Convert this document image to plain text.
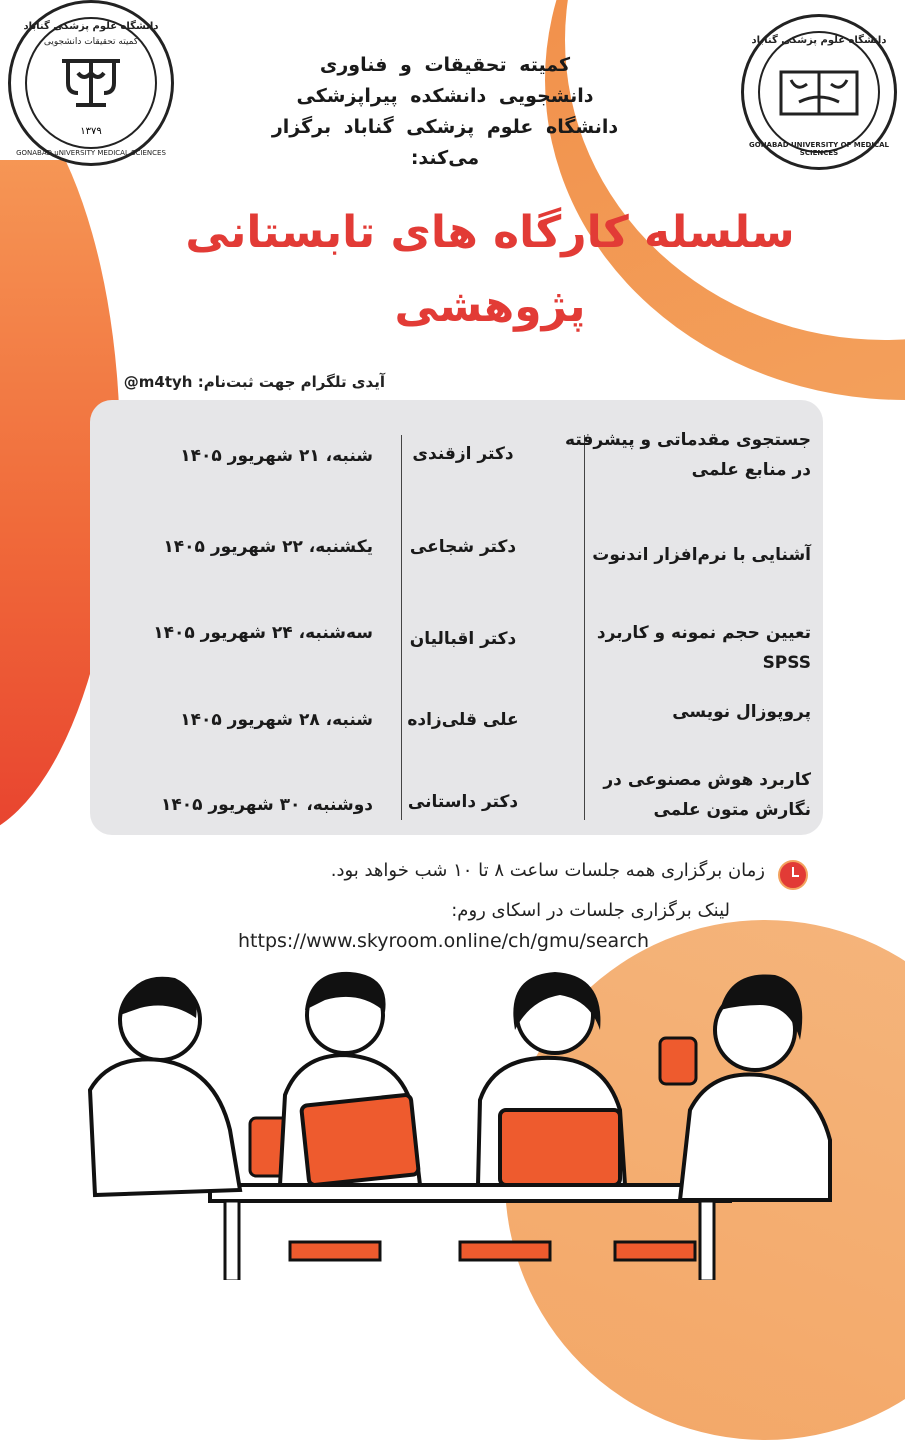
دانشگاه علوم پزشکی گناباد
کمیته تحقیقات دانشجویی
۱۳۷۹
GONABAD uNIVERSITY MEDICAL SCIENCES
دانشگاه علوم پزشکی گناباد
GONABAD UNIVERSITY OF MEDICAL SCIENCES
کمیته تحقیقات و فناوری
دانشجویی دانشکده پیراپزشکی
دانشگاه علوم پزشکی گناباد برگزار
می‌کند:
سلسله کارگاه های تابستانی
پژوهشی
آیدی تلگرام جهت ثبت‌نام: m4tyh@
جستجوی مقدماتی و پیشرفته در منابع علمی
دکتر ازقندی
شنبه، ۲۱ شهریور ۱۴۰۵
آشنایی با نرم‌افزار اندنوت
دکتر شجاعی
یکشنبه، ۲۲ شهریور ۱۴۰۵
تعیین حجم نمونه و کاربرد SPSS
دکتر اقبالیان
سه‌شنبه، ۲۴ شهریور ۱۴۰۵
پروپوزال نویسی
علی قلی‌زاده
شنبه، ۲۸ شهریور ۱۴۰۵
کاربرد هوش مصنوعی در نگارش متون علمی
دکتر داستانی
دوشنبه، ۳۰ شهریور ۱۴۰۵
زمان برگزاری همه جلسات ساعت ۸ تا ۱۰ شب خواهد بود.
لینک برگزاری جلسات در اسکای روم:
https://www.skyroom.online/ch/gmu/search
